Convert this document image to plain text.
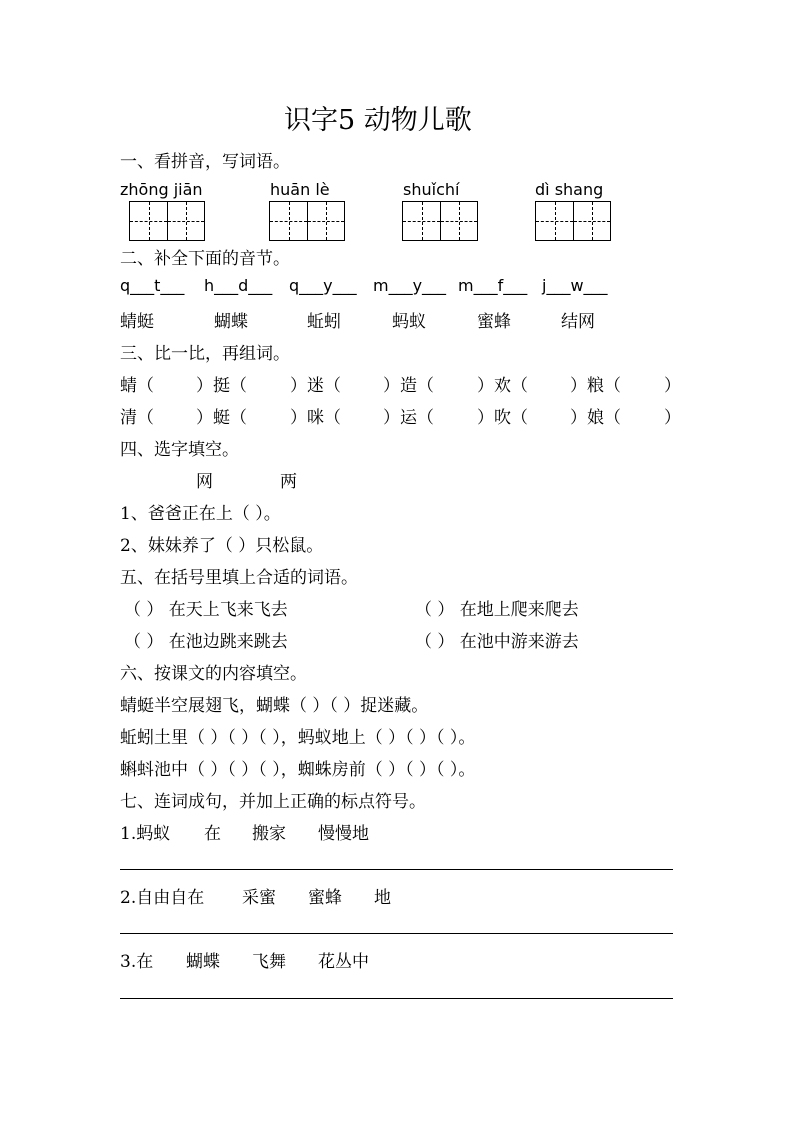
识字5 动物儿歌
一、看拼音，写词语。
zhōng jiān	huān lè	shuǐchí	dì shang
二、补全下面的音节。
q___t___ h___d___ q___y___ m___y___ m___f___ j___w___
蜻蜓	蝴蝶	蚯蚓	蚂蚁	蜜蜂	结网
三、比一比，再组词。
蜻（ ）挺（	）迷（ ）造（	）欢（ ）粮（	）
清（ ）蜓（	）咪（ ）运（	）吹（ ）娘（	）
四、选字填空。
网	两
1、爸爸正在上（ ）。
2、妹妹养了（ ）只松鼠。
五、在括号里填上合适的词语。
（ ） 在天上飞来飞去	（ ） 在地上爬来爬去
（ ） 在池边跳来跳去	（ ） 在池中游来游去
六、按课文的内容填空。
蜻蜓半空展翅飞，蝴蝶（ ）（ ）捉迷藏。
蚯蚓土里（ ）（ ）（ ），蚂蚁地上（ ）（ ）（ ）。
蝌蚪池中（ ）（ ）（ ），蜘蛛房前（ ）（ ）（ ）。
七、连词成句，并加上正确的标点符号。
1.蚂蚁 在 搬家 慢慢地
2.自由自在 采蜜 蜜蜂 地
3.在 蝴蝶 飞舞 花丛中
